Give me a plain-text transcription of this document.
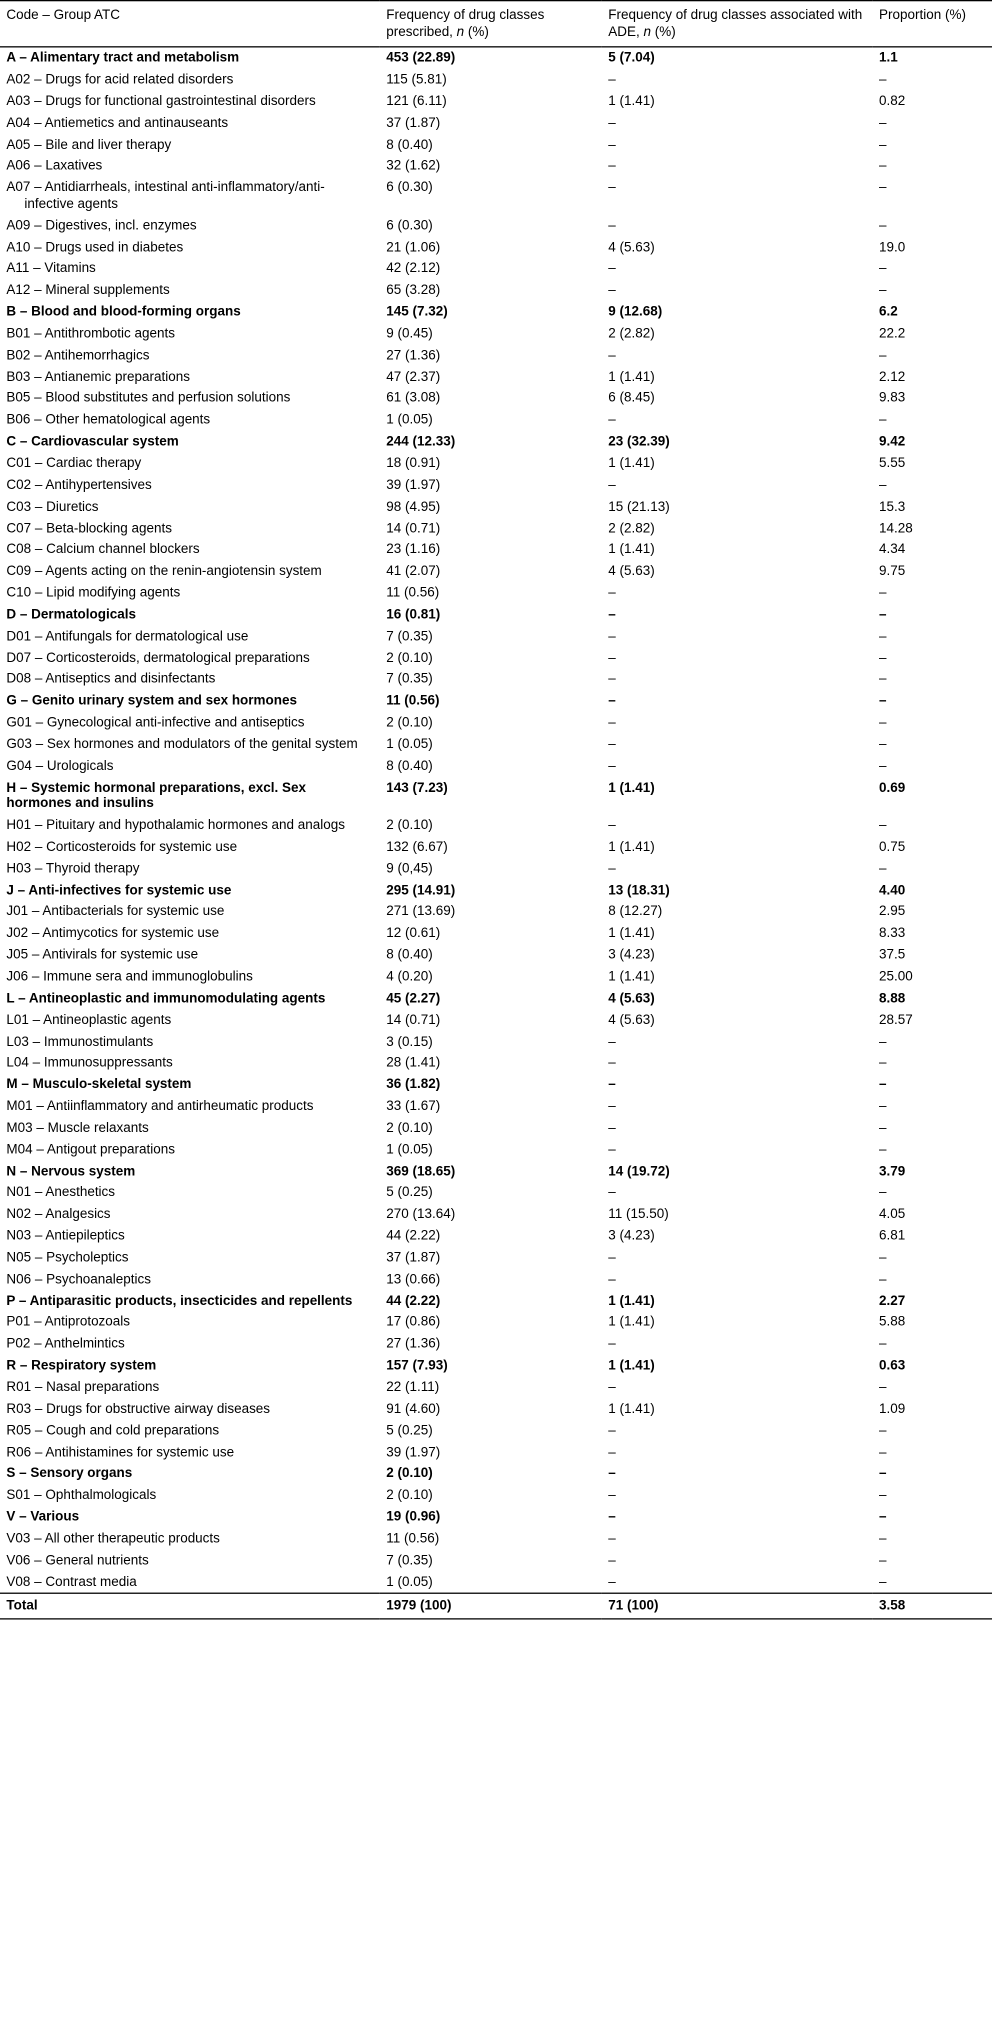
Code – Group ATC	Frequency of drug classes prescribed, n (%)	Frequency of drug classes associated with ADE, n (%)	Proportion (%)
A – Alimentary tract and metabolism	453 (22.89)	5 (7.04)	1.1
A02 – Drugs for acid related disorders	115 (5.81)	–	–
A03 – Drugs for functional gastrointestinal disorders	121 (6.11)	1 (1.41)	0.82
A04 – Antiemetics and antinauseants	37 (1.87)	–	–
A05 – Bile and liver therapy	8 (0.40)	–	–
A06 – Laxatives	32 (1.62)	–	–
A07 – Antidiarrheals, intestinal anti-inflammatory/anti-infective agents	6 (0.30)	–	–
A09 – Digestives, incl. enzymes	6 (0.30)	–	–
A10 – Drugs used in diabetes	21 (1.06)	4 (5.63)	19.0
A11 – Vitamins	42 (2.12)	–	–
A12 – Mineral supplements	65 (3.28)	–	–
B – Blood and blood-forming organs	145 (7.32)	9 (12.68)	6.2
B01 – Antithrombotic agents	9 (0.45)	2 (2.82)	22.2
B02 – Antihemorrhagics	27 (1.36)	–	–
B03 – Antianemic preparations	47 (2.37)	1 (1.41)	2.12
B05 – Blood substitutes and perfusion solutions	61 (3.08)	6 (8.45)	9.83
B06 – Other hematological agents	1 (0.05)	–	–
C – Cardiovascular system	244 (12.33)	23 (32.39)	9.42
C01 – Cardiac therapy	18 (0.91)	1 (1.41)	5.55
C02 – Antihypertensives	39 (1.97)	–	–
C03 – Diuretics	98 (4.95)	15 (21.13)	15.3
C07 – Beta-blocking agents	14 (0.71)	2 (2.82)	14.28
C08 – Calcium channel blockers	23 (1.16)	1 (1.41)	4.34
C09 – Agents acting on the renin-angiotensin system	41 (2.07)	4 (5.63)	9.75
C10 – Lipid modifying agents	11 (0.56)	–	–
D – Dermatologicals	16 (0.81)	–	–
D01 – Antifungals for dermatological use	7 (0.35)	–	–
D07 – Corticosteroids, dermatological preparations	2 (0.10)	–	–
D08 – Antiseptics and disinfectants	7 (0.35)	–	–
G – Genito urinary system and sex hormones	11 (0.56)	–	–
G01 – Gynecological anti-infective and antiseptics	2 (0.10)	–	–
G03 – Sex hormones and modulators of the genital system	1 (0.05)	–	–
G04 – Urologicals	8 (0.40)	–	–
H – Systemic hormonal preparations, excl. Sex hormones and insulins	143 (7.23)	1 (1.41)	0.69
H01 – Pituitary and hypothalamic hormones and analogs	2 (0.10)	–	–
H02 – Corticosteroids for systemic use	132 (6.67)	1 (1.41)	0.75
H03 – Thyroid therapy	9 (0,45)	–	–
J – Anti-infectives for systemic use	295 (14.91)	13 (18.31)	4.40
J01 – Antibacterials for systemic use	271 (13.69)	8 (12.27)	2.95
J02 – Antimycotics for systemic use	12 (0.61)	1 (1.41)	8.33
J05 – Antivirals for systemic use	8 (0.40)	3 (4.23)	37.5
J06 – Immune sera and immunoglobulins	4 (0.20)	1 (1.41)	25.00
L – Antineoplastic and immunomodulating agents	45 (2.27)	4 (5.63)	8.88
L01 – Antineoplastic agents	14 (0.71)	4 (5.63)	28.57
L03 – Immunostimulants	3 (0.15)	–	–
L04 – Immunosuppressants	28 (1.41)	–	–
M – Musculo-skeletal system	36 (1.82)	–	–
M01 – Antiinflammatory and antirheumatic products	33 (1.67)	–	–
M03 – Muscle relaxants	2 (0.10)	–	–
M04 – Antigout preparations	1 (0.05)	–	–
N – Nervous system	369 (18.65)	14 (19.72)	3.79
N01 – Anesthetics	5 (0.25)	–	–
N02 – Analgesics	270 (13.64)	11 (15.50)	4.05
N03 – Antiepileptics	44 (2.22)	3 (4.23)	6.81
N05 – Psycholeptics	37 (1.87)	–	–
N06 – Psychoanaleptics	13 (0.66)	–	–
P – Antiparasitic products, insecticides and repellents	44 (2.22)	1 (1.41)	2.27
P01 – Antiprotozoals	17 (0.86)	1 (1.41)	5.88
P02 – Anthelmintics	27 (1.36)	–	–
R – Respiratory system	157 (7.93)	1 (1.41)	0.63
R01 – Nasal preparations	22 (1.11)	–	–
R03 – Drugs for obstructive airway diseases	91 (4.60)	1 (1.41)	1.09
R05 – Cough and cold preparations	5 (0.25)	–	–
R06 – Antihistamines for systemic use	39 (1.97)	–	–
S – Sensory organs	2 (0.10)	–	–
S01 – Ophthalmologicals	2 (0.10)	–	–
V – Various	19 (0.96)	–	–
V03 – All other therapeutic products	11 (0.56)	–	–
V06 – General nutrients	7 (0.35)	–	–
V08 – Contrast media	1 (0.05)	–	–
Total	1979 (100)	71 (100)	3.58
